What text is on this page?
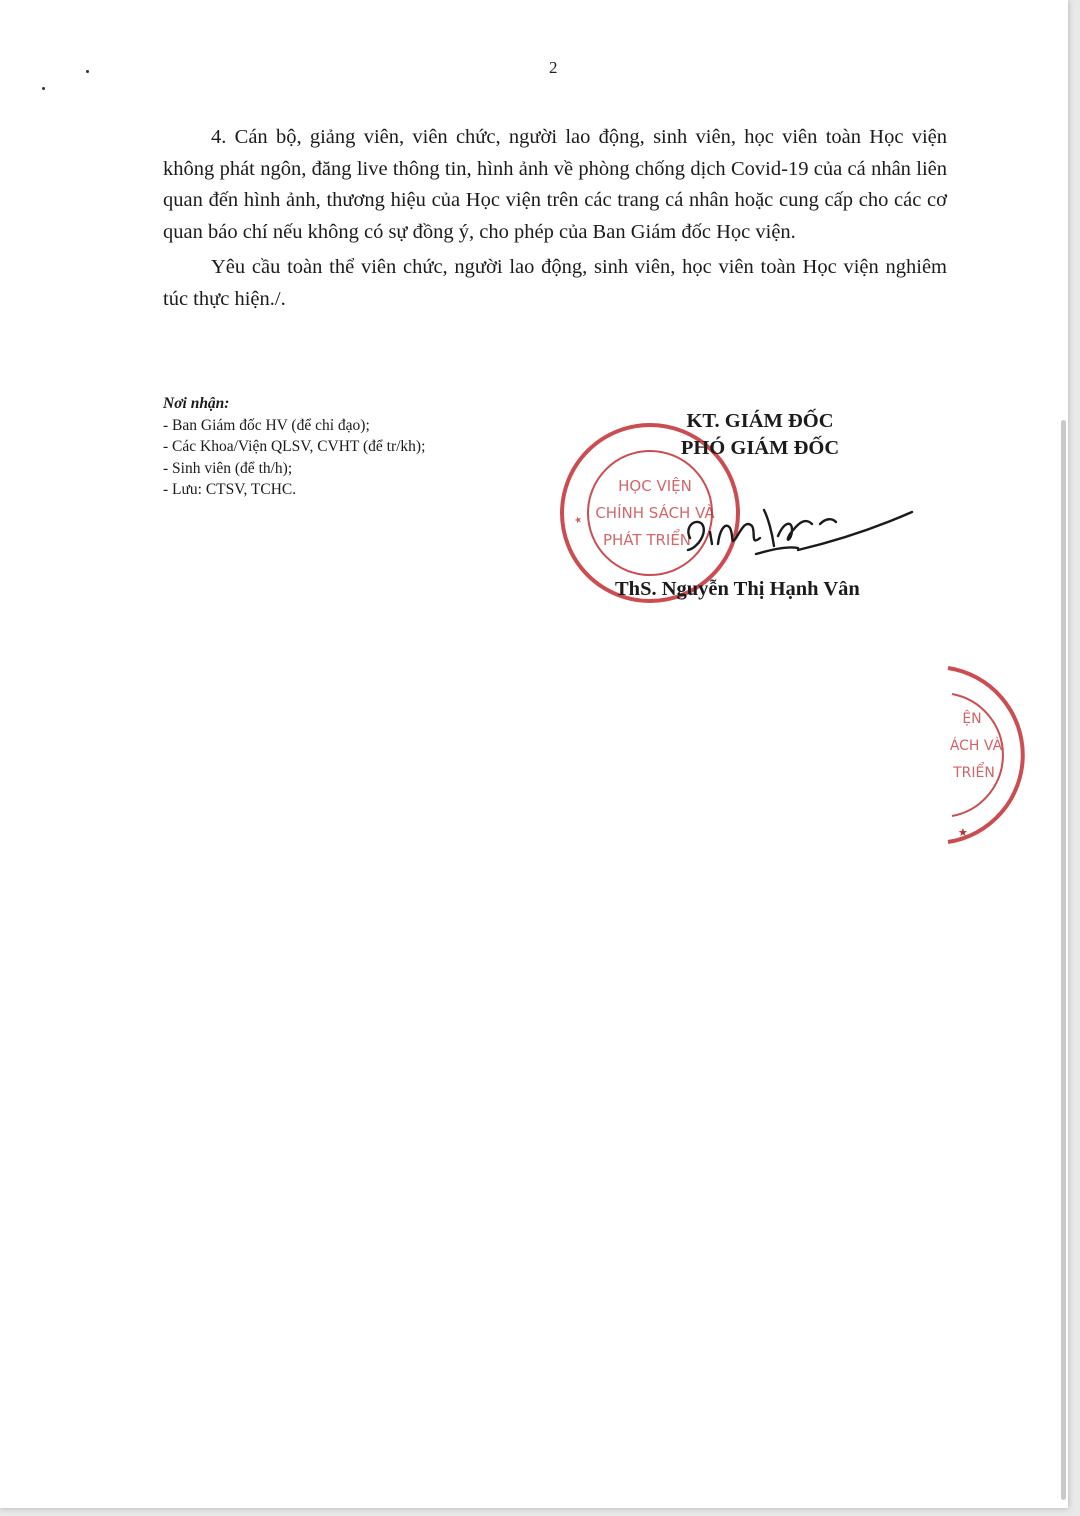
2

4. Cán bộ, giảng viên, viên chức, người lao động, sinh viên, học viên toàn Học viện không phát ngôn, đăng live thông tin, hình ảnh về phòng chống dịch Covid-19 của cá nhân liên quan đến hình ảnh, thương hiệu của Học viện trên các trang cá nhân hoặc cung cấp cho các cơ quan báo chí nếu không có sự đồng ý, cho phép của Ban Giám đốc Học viện.

Yêu cầu toàn thể viên chức, người lao động, sinh viên, học viên toàn Học viện nghiêm túc thực hiện./.

Nơi nhận:
- Ban Giám đốc HV (để chỉ đạo);
- Các Khoa/Viện QLSV, CVHT (để tr/kh);
- Sinh viên (để th/h);
- Lưu: CTSV, TCHC.	HỌC VIỆN
CHÍNH SÁCH VÀ
PHÁT TRIỂN
★
ỆN
ÁCH VÀ
TRIỂN
★
KT. GIÁM ĐỐC
PHÓ GIÁM ĐỐC
ThS. Nguyễn Thị Hạnh Vân
